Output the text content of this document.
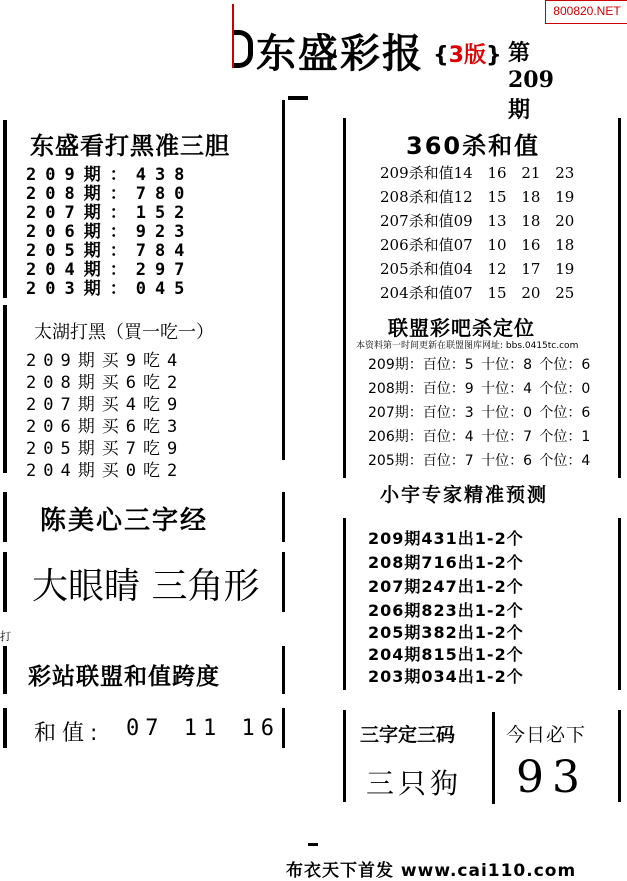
800820.NET
东盛彩报 {3版} 第209期
东盛看打黑准三胆
209期：438
208期：780
207期：152
206期：923
205期：784
204期：297
203期：045
太湖打黑（買一吃一）
209期买9吃4
208期买6吃2
207期买4吃9
206期买6吃3
205期买7吃9
204期买0吃2
陈美心三字经
大眼睛 三角形
打
彩站联盟和值跨度
和值: 07 11 16
360杀和值
209杀和值14 16 21 23
208杀和值12 15 18 19
207杀和值09 13 18 20
206杀和值07 10 16 18
205杀和值04 12 17 19
204杀和值07 15 20 25
联盟彩吧杀定位
本资料第一时间更新在联盟图库网址: bbs.0415tc.com
209期：百位：5 十位：8 个位：6
208期：百位：9 十位：4 个位：0
207期：百位：3 十位：0 个位：6
206期：百位：4 十位：7 个位：1
205期：百位：7 十位：6 个位：4
小宇专家精准预测
209期431出1-2个
208期716出1-2个
207期247出1-2个
206期823出1-2个
205期382出1-2个
204期815出1-2个
203期034出1-2个
三字定三码
三只狗
今日必下
93
布衣天下首发 www.cai110.com
